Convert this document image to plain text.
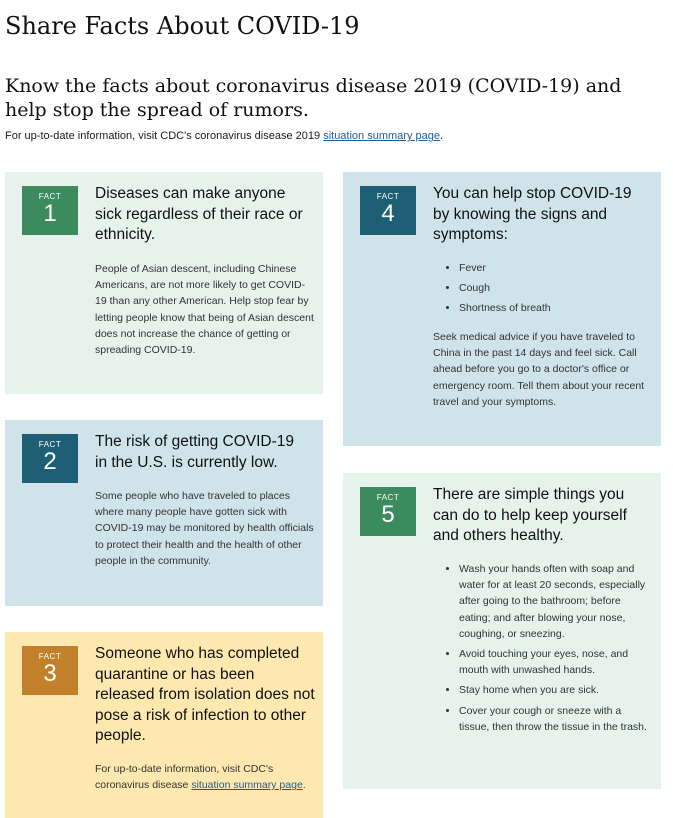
Share Facts About COVID-19
Know the facts about coronavirus disease 2019 (COVID-19) and help stop the spread of rumors.

For up-to-date information, visit CDC's coronavirus disease 2019 situation summary page.

FACT
1
Diseases can make anyone sick regardless of their race or ethnicity.

People of Asian descent, including Chinese Americans, are not more likely to get COVID-19 than any other American. Help stop fear by letting people know that being of Asian descent does not increase the chance of getting or spreading COVID-19.

FACT
2
The risk of getting COVID-19 in the U.S. is currently low.

Some people who have traveled to places where many people have gotten sick with COVID-19 may be monitored by health officials to protect their health and the health of other people in the community.

FACT
3
Someone who has completed quarantine or has been released from isolation does not pose a risk of infection to other people.

For up-to-date information, visit CDC's coronavirus disease situation summary page.

FACT
4
You can help stop COVID-19 by knowing the signs and symptoms:
• Fever
• Cough
• Shortness of breath

Seek medical advice if you have traveled to China in the past 14 days and feel sick. Call ahead before you go to a doctor's office or emergency room. Tell them about your recent travel and your symptoms.

FACT
5
There are simple things you can do to help keep yourself and others healthy.
• Wash your hands often with soap and water for at least 20 seconds, especially after going to the bathroom; before eating; and after blowing your nose, coughing, or sneezing.
• Avoid touching your eyes, nose, and mouth with unwashed hands.
• Stay home when you are sick.
• Cover your cough or sneeze with a tissue, then throw the tissue in the trash.
